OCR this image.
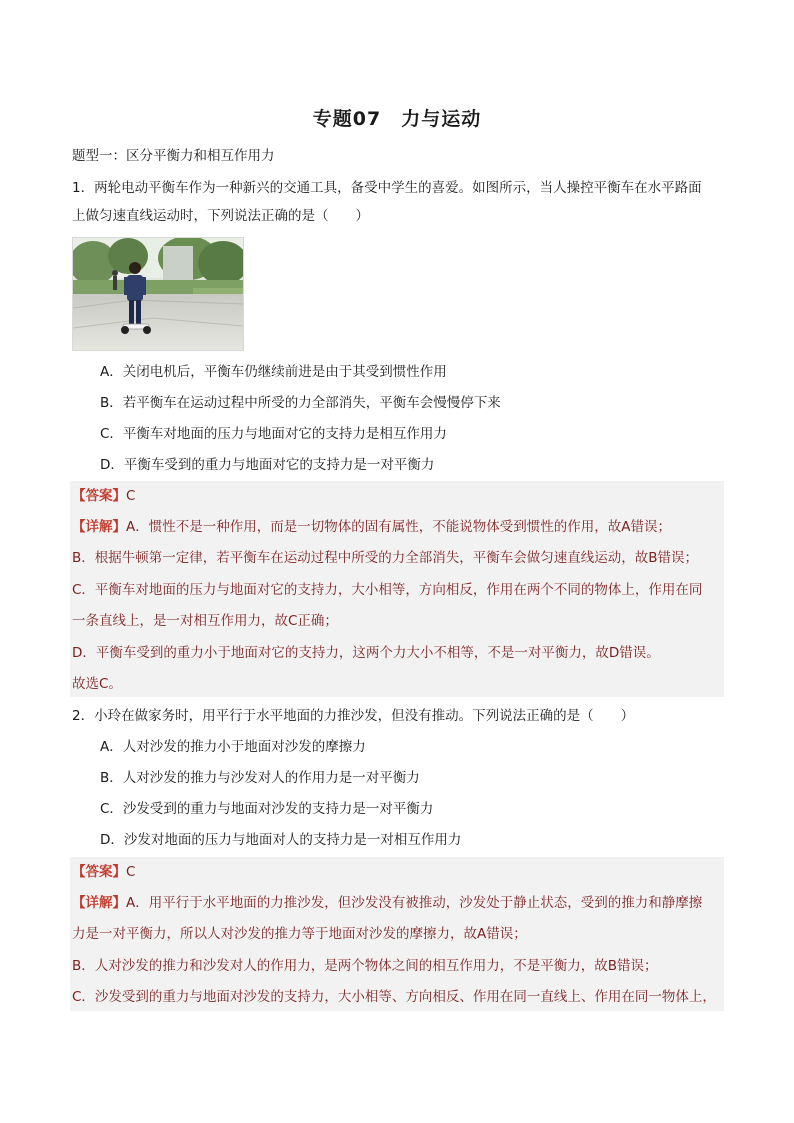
专题07　力与运动
题型一：区分平衡力和相互作用力
1．两轮电动平衡车作为一种新兴的交通工具，备受中学生的喜爱。如图所示，当人操控平衡车在水平路面
上做匀速直线运动时，下列说法正确的是（　　）
A．关闭电机后，平衡车仍继续前进是由于其受到惯性作用
B．若平衡车在运动过程中所受的力全部消失，平衡车会慢慢停下来
C．平衡车对地面的压力与地面对它的支持力是相互作用力
D．平衡车受到的重力与地面对它的支持力是一对平衡力
【答案】C
【详解】A．惯性不是一种作用，而是一切物体的固有属性，不能说物体受到惯性的作用，故A错误；
B．根据牛顿第一定律，若平衡车在运动过程中所受的力全部消失，平衡车会做匀速直线运动，故B错误；
C．平衡车对地面的压力与地面对它的支持力，大小相等，方向相反，作用在两个不同的物体上，作用在同
一条直线上，是一对相互作用力，故C正确；
D．平衡车受到的重力小于地面对它的支持力，这两个力大小不相等，不是一对平衡力，故D错误。
故选C。
2．小玲在做家务时，用平行于水平地面的力推沙发，但没有推动。下列说法正确的是（　　）
A．人对沙发的推力小于地面对沙发的摩擦力
B．人对沙发的推力与沙发对人的作用力是一对平衡力
C．沙发受到的重力与地面对沙发的支持力是一对平衡力
D．沙发对地面的压力与地面对人的支持力是一对相互作用力
【答案】C
【详解】A．用平行于水平地面的力推沙发，但沙发没有被推动，沙发处于静止状态，受到的推力和静摩擦
力是一对平衡力，所以人对沙发的推力等于地面对沙发的摩擦力，故A错误；
B．人对沙发的推力和沙发对人的作用力，是两个物体之间的相互作用力，不是平衡力，故B错误；
C．沙发受到的重力与地面对沙发的支持力，大小相等、方向相反、作用在同一直线上、作用在同一物体上，
